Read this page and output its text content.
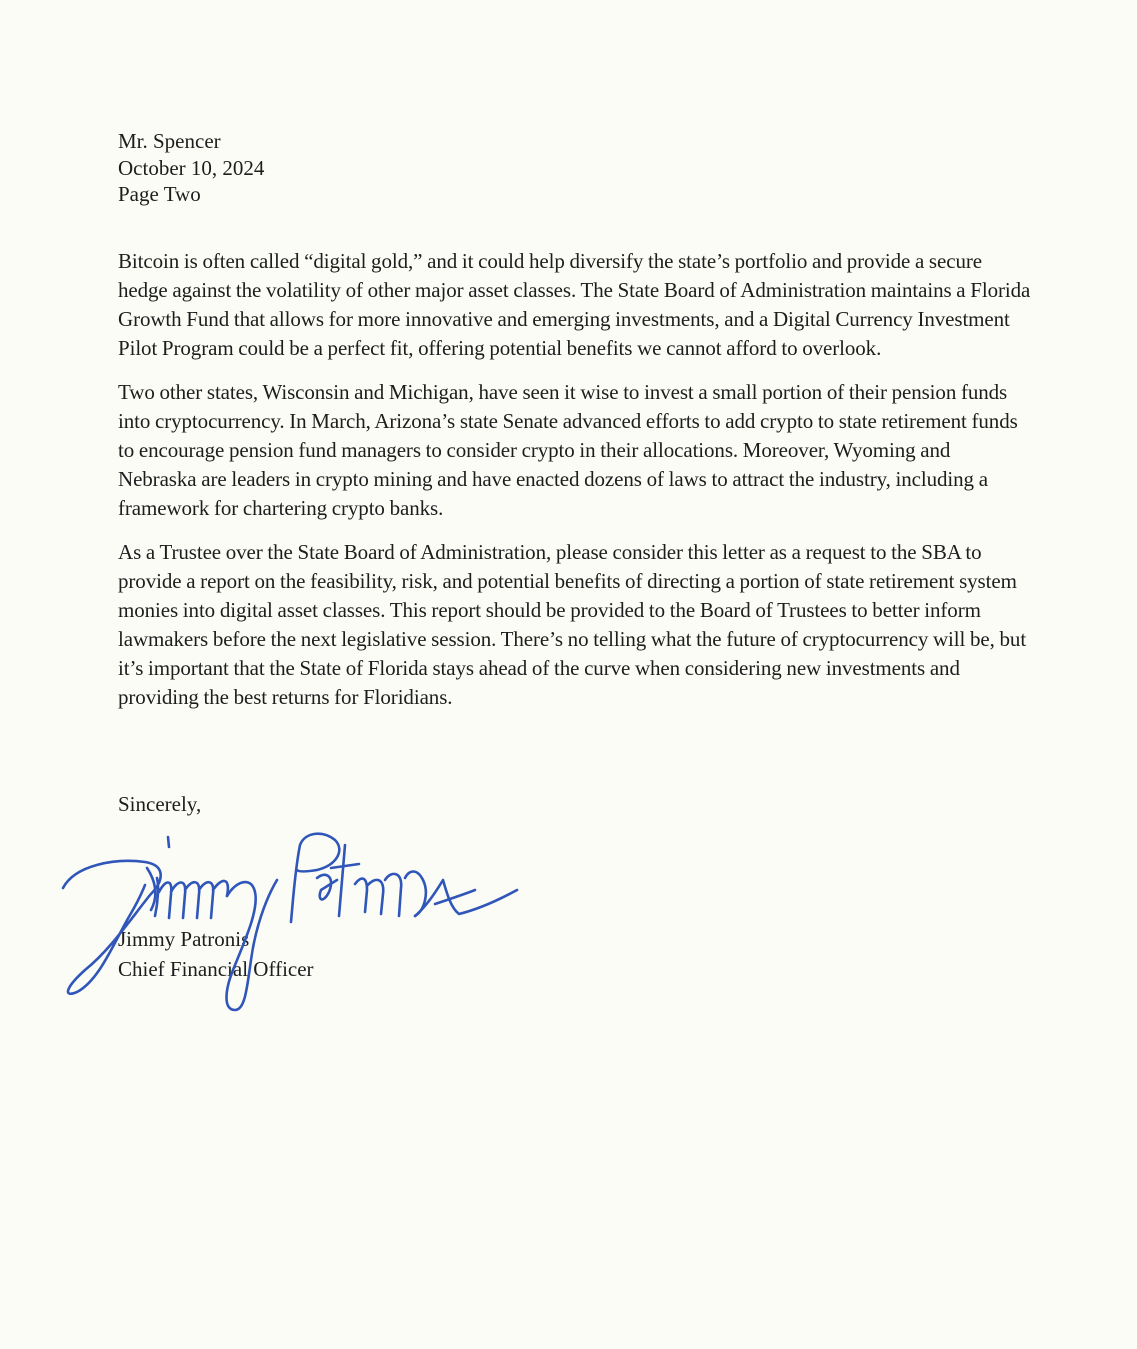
Mr. Spencer
October 10, 2024
Page Two

Bitcoin is often called “digital gold,” and it could help diversify the state’s portfolio and provide a secure hedge against the volatility of other major asset classes. The State Board of Administration maintains a Florida Growth Fund that allows for more innovative and emerging investments, and a Digital Currency Investment Pilot Program could be a perfect fit, offering potential benefits we cannot afford to overlook.

Two other states, Wisconsin and Michigan, have seen it wise to invest a small portion of their pension funds into cryptocurrency. In March, Arizona’s state Senate advanced efforts to add crypto to state retirement funds to encourage pension fund managers to consider crypto in their allocations. Moreover, Wyoming and Nebraska are leaders in crypto mining and have enacted dozens of laws to attract the industry, including a framework for chartering crypto banks.

As a Trustee over the State Board of Administration, please consider this letter as a request to the SBA to provide a report on the feasibility, risk, and potential benefits of directing a portion of state retirement system monies into digital asset classes. This report should be provided to the Board of Trustees to better inform lawmakers before the next legislative session. There’s no telling what the future of cryptocurrency will be, but it’s important that the State of Florida stays ahead of the curve when considering new investments and providing the best returns for Floridians.

Sincerely,
Jimmy Patronis
Chief Financial Officer
